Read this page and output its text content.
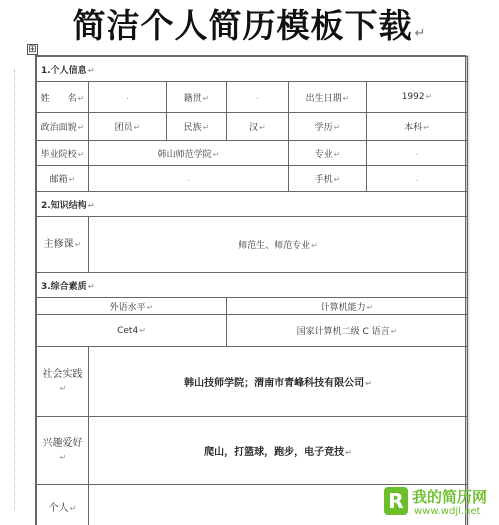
简洁个人简历模板下载 ↵
⊞
1.个人信息↵					
姓　　名↵	.	籍贯↵	.	出生日期↵	1992↵
政治面貌↵	团员↵	民族↵	汉↵	学历↵	本科↵
毕业院校↵	韩山师范学院↵			专业↵	.
邮箱↵	.			手机↵	.
2.知识结构↵					
主修课↵	师范生、师范专业↵				
3.综合素质↵					
外语水平↵			计算机能力↵		
Cet4↵			国家计算机二级 C 语言↵		
社会实践↵	韩山技师学院；渭南市青峰科技有限公司↵				
兴趣爱好↵	爬山，打篮球，跑步，电子竞技↵				
个人↵						R 我的简历网
www.wdjl.net
